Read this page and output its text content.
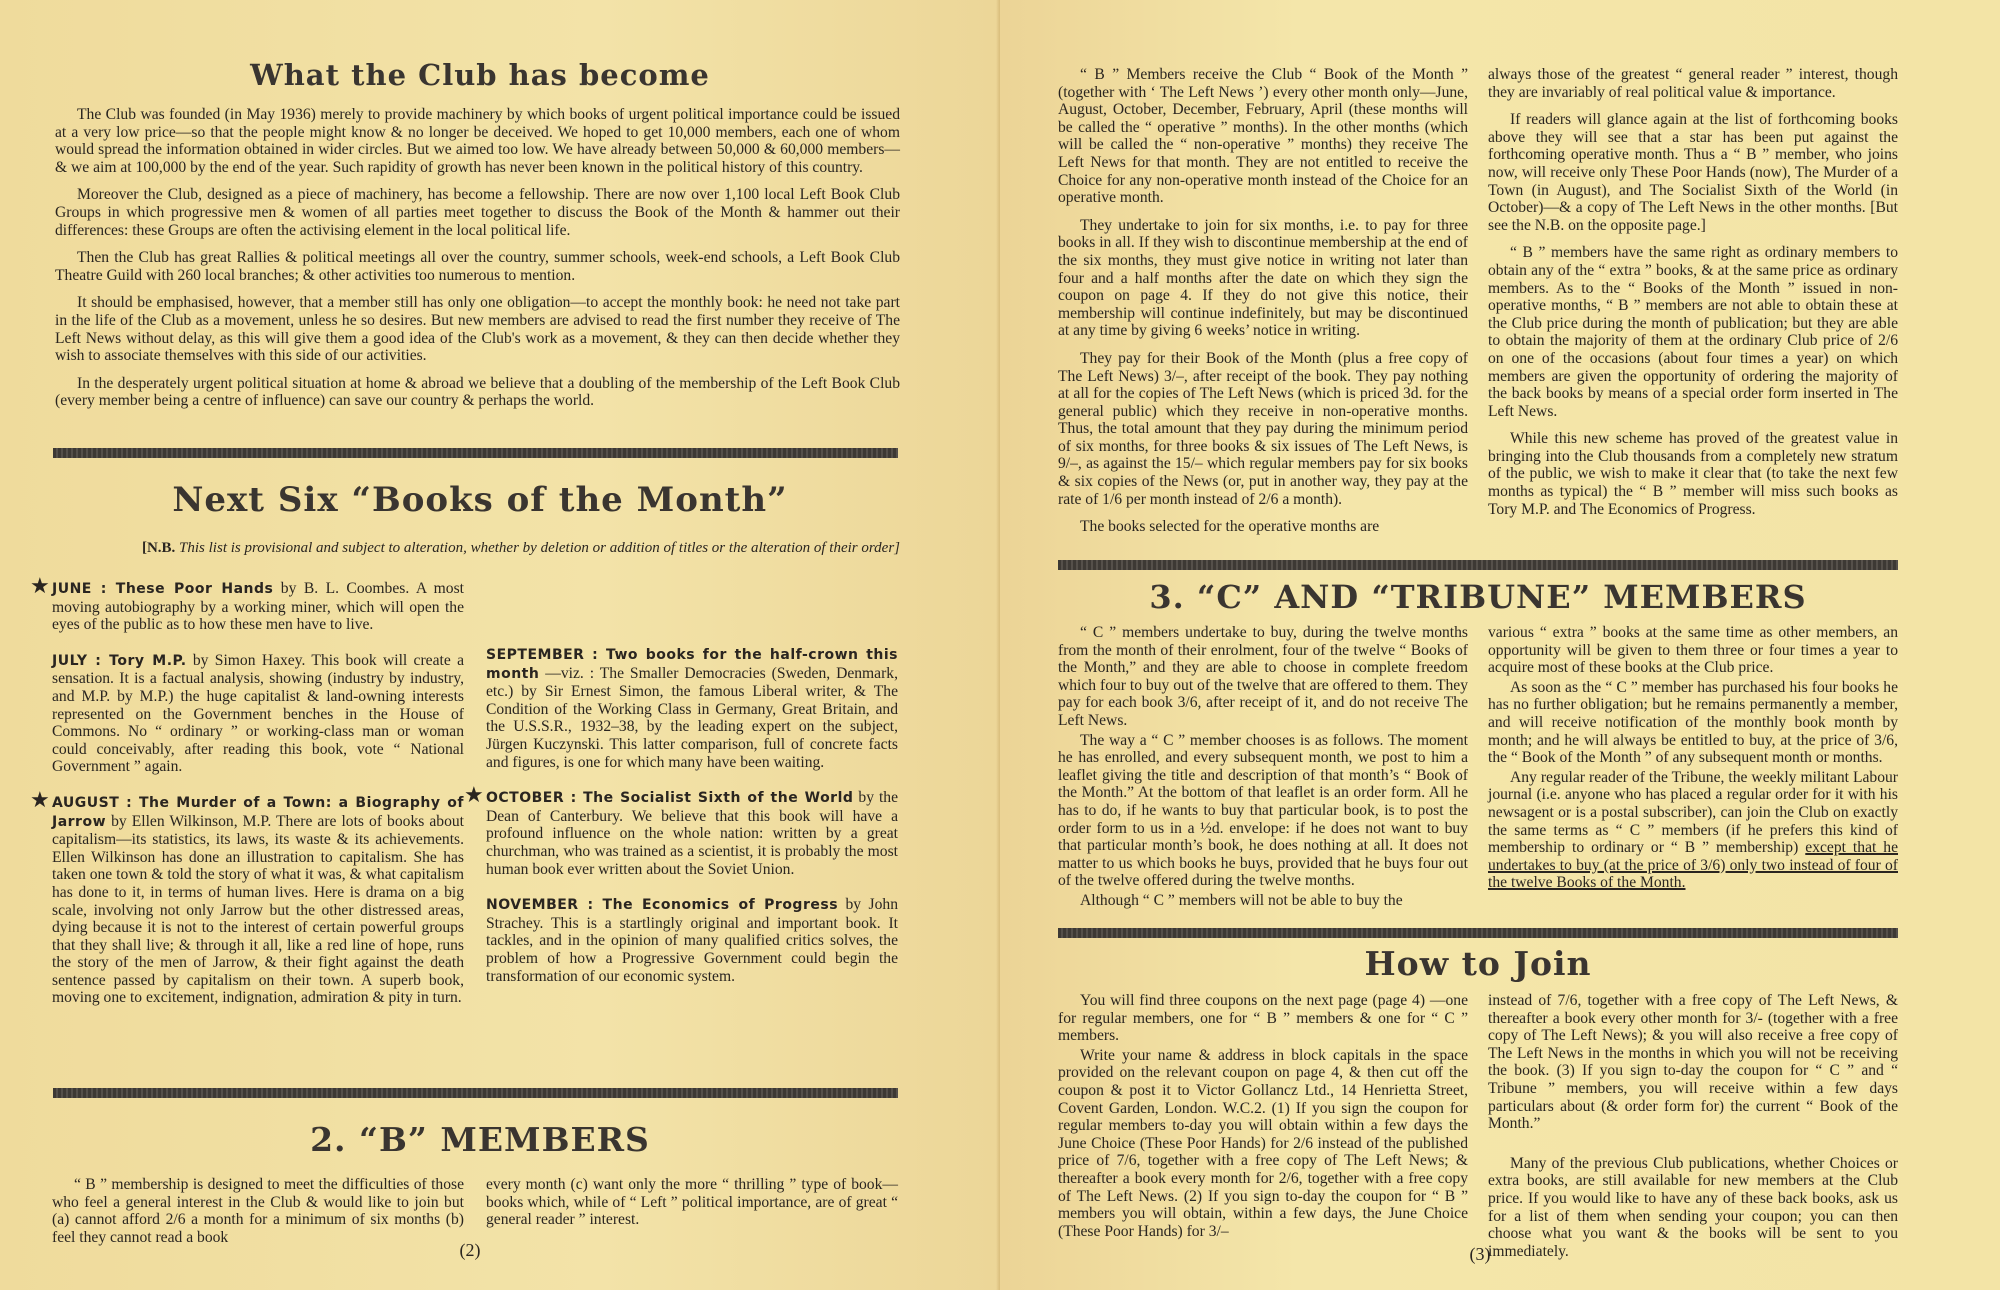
What the Club has become

The Club was founded (in May 1936) merely to provide machinery by which books of urgent political importance could be issued at a very low price—so that the people might know & no longer be deceived. We hoped to get 10,000 members, each one of whom would spread the information obtained in wider circles. But we aimed too low. We have already between 50,000 & 60,000 members—& we aim at 100,000 by the end of the year. Such rapidity of growth has never been known in the political history of this country.

Moreover the Club, designed as a piece of machinery, has become a fellowship. There are now over 1,100 local Left Book Club Groups in which progressive men & women of all parties meet together to discuss the Book of the Month & hammer out their differences: these Groups are often the activising element in the local political life.

Then the Club has great Rallies & political meetings all over the country, summer schools, week-end schools, a Left Book Club Theatre Guild with 260 local branches; & other activities too numerous to mention.

It should be emphasised, however, that a member still has only one obligation—to accept the monthly book: he need not take part in the life of the Club as a movement, unless he so desires. But new members are advised to read the first number they receive of The Left News without delay, as this will give them a good idea of the Club's work as a movement, & they can then decide whether they wish to associate themselves with this side of our activities.

In the desperately urgent political situation at home & abroad we believe that a doubling of the membership of the Left Book Club (every member being a centre of influence) can save our country & perhaps the world.

Next Six “Books of the Month”
[N.B. This list is provisional and subject to alteration, whether by deletion or addition of titles or the alteration of their order]
★ JUNE : These Poor Hands by B. L. Coombes. A most moving autobiography by a working miner, which will open the eyes of the public as to how these men have to live.
JULY : Tory M.P. by Simon Haxey. This book will create a sensation. It is a factual analysis, showing (industry by industry, and M.P. by M.P.) the huge capitalist & land-owning interests represented on the Government benches in the House of Commons. No “ ordinary ” or working-class man or woman could conceivably, after reading this book, vote “ National Government ” again.
★ AUGUST : The Murder of a Town: a Biography of Jarrow by Ellen Wilkinson, M.P. There are lots of books about capitalism—its statistics, its laws, its waste & its achievements. Ellen Wilkinson has done an illustration to capitalism. She has taken one town & told the story of what it was, & what capitalism has done to it, in terms of human lives. Here is drama on a big scale, involving not only Jarrow but the other distressed areas, dying because it is not to the interest of certain powerful groups that they shall live; & through it all, like a red line of hope, runs the story of the men of Jarrow, & their fight against the death sentence passed by capitalism on their town. A superb book, moving one to excitement, indignation, admiration & pity in turn.
SEPTEMBER : Two books for the half-crown this month —viz. : The Smaller Democracies (Sweden, Denmark, etc.) by Sir Ernest Simon, the famous Liberal writer, & The Condition of the Working Class in Germany, Great Britain, and the U.S.S.R., 1932–38, by the leading expert on the subject, Jürgen Kuczynski. This latter comparison, full of concrete facts and figures, is one for which many have been waiting.
★ OCTOBER : The Socialist Sixth of the World by the Dean of Canterbury. We believe that this book will have a profound influence on the whole nation: written by a great churchman, who was trained as a scientist, it is probably the most human book ever written about the Soviet Union.
NOVEMBER : The Economics of Progress by John Strachey. This is a startlingly original and important book. It tackles, and in the opinion of many qualified critics solves, the problem of how a Progressive Government could begin the transformation of our economic system.
2. “B” MEMBERS

“ B ” membership is designed to meet the difficulties of those who feel a general interest in the Club & would like to join but (a) cannot afford 2/6 a month for a minimum of six months (b) feel they cannot read a book

every month (c) want only the more “ thrilling ” type of book—books which, while of “ Left ” political importance, are of great “ general reader ” interest.

(2)

“ B ” Members receive the Club “ Book of the Month ” (together with ‘ The Left News ’) every other month only—June, August, October, December, February, April (these months will be called the “ operative ” months). In the other months (which will be called the “ non-operative ” months) they receive The Left News for that month. They are not entitled to receive the Choice for any non-operative month instead of the Choice for an operative month.

They undertake to join for six months, i.e. to pay for three books in all. If they wish to discontinue membership at the end of the six months, they must give notice in writing not later than four and a half months after the date on which they sign the coupon on page 4. If they do not give this notice, their membership will continue indefinitely, but may be discontinued at any time by giving 6 weeks’ notice in writing.

They pay for their Book of the Month (plus a free copy of The Left News) 3/–, after receipt of the book. They pay nothing at all for the copies of The Left News (which is priced 3d. for the general public) which they receive in non-operative months. Thus, the total amount that they pay during the minimum period of six months, for three books & six issues of The Left News, is 9/–, as against the 15/– which regular members pay for six books & six copies of the News (or, put in another way, they pay at the rate of 1/6 per month instead of 2/6 a month).

The books selected for the operative months are

always those of the greatest “ general reader ” interest, though they are invariably of real political value & importance.

If readers will glance again at the list of forthcoming books above they will see that a star has been put against the forthcoming operative month. Thus a “ B ” member, who joins now, will receive only These Poor Hands (now), The Murder of a Town (in August), and The Socialist Sixth of the World (in October)—& a copy of The Left News in the other months. [But see the N.B. on the opposite page.]

“ B ” members have the same right as ordinary members to obtain any of the “ extra ” books, & at the same price as ordinary members. As to the “ Books of the Month ” issued in non-operative months, “ B ” members are not able to obtain these at the Club price during the month of publication; but they are able to obtain the majority of them at the ordinary Club price of 2/6 on one of the occasions (about four times a year) on which members are given the opportunity of ordering the majority of the back books by means of a special order form inserted in The Left News.

While this new scheme has proved of the greatest value in bringing into the Club thousands from a completely new stratum of the public, we wish to make it clear that (to take the next few months as typical) the “ B ” member will miss such books as Tory M.P. and The Economics of Progress.

3. “C” AND “TRIBUNE” MEMBERS

“ C ” members undertake to buy, during the twelve months from the month of their enrolment, four of the twelve “ Books of the Month,” and they are able to choose in complete freedom which four to buy out of the twelve that are offered to them. They pay for each book 3/6, after receipt of it, and do not receive The Left News.

The way a “ C ” member chooses is as follows. The moment he has enrolled, and every subsequent month, we post to him a leaflet giving the title and description of that month’s “ Book of the Month.” At the bottom of that leaflet is an order form. All he has to do, if he wants to buy that particular book, is to post the order form to us in a ½d. envelope: if he does not want to buy that particular month’s book, he does nothing at all. It does not matter to us which books he buys, provided that he buys four out of the twelve offered during the twelve months.

Although “ C ” members will not be able to buy the

various “ extra ” books at the same time as other members, an opportunity will be given to them three or four times a year to acquire most of these books at the Club price.

As soon as the “ C ” member has purchased his four books he has no further obligation; but he remains permanently a member, and will receive notification of the monthly book month by month; and he will always be entitled to buy, at the price of 3/6, the “ Book of the Month ” of any subsequent month or months.

Any regular reader of the Tribune, the weekly militant Labour journal (i.e. anyone who has placed a regular order for it with his newsagent or is a postal subscriber), can join the Club on exactly the same terms as “ C ” members (if he prefers this kind of membership to ordinary or “ B ” membership) except that he undertakes to buy (at the price of 3/6) only two instead of four of the twelve Books of the Month.

How to Join

You will find three coupons on the next page (page 4) —one for regular members, one for “ B ” members & one for “ C ” members.

Write your name & address in block capitals in the space provided on the relevant coupon on page 4, & then cut off the coupon & post it to Victor Gollancz Ltd., 14 Henrietta Street, Covent Garden, London. W.C.2. (1) If you sign the coupon for regular members to-day you will obtain within a few days the June Choice (These Poor Hands) for 2/6 instead of the published price of 7/6, together with a free copy of The Left News; & thereafter a book every month for 2/6, together with a free copy of The Left News. (2) If you sign to-day the coupon for “ B ” members you will obtain, within a few days, the June Choice (These Poor Hands) for 3/–

instead of 7/6, together with a free copy of The Left News, & thereafter a book every other month for 3/- (together with a free copy of The Left News); & you will also receive a free copy of The Left News in the months in which you will not be receiving the book. (3) If you sign to-day the coupon for “ C ” and “ Tribune ” members, you will receive within a few days particulars about (& order form for) the current “ Book of the Month.”

Many of the previous Club publications, whether Choices or extra books, are still available for new members at the Club price. If you would like to have any of these back books, ask us for a list of them when sending your coupon; you can then choose what you want & the books will be sent to you immediately.

(3)
